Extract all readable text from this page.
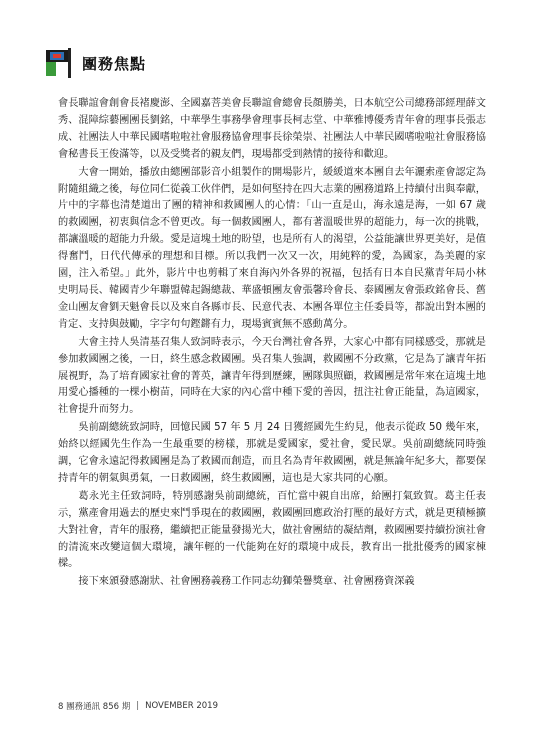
團務焦點

會長聯誼會創會長褚慶澎、全國嘉菩美會長聯誼會總會長顏勝美，日本航空公司總務部經理薛文秀、混障綜藝團團長劉銘，中華學生事務學會理事長柯志堂、中華雅博優秀青年會的理事長張志成、社團法人中華民國嗜啦啦社會服務協會理事長徐榮崇、社團法人中華民國嗜啦啦社會服務協會秘書長王俊滿等，以及受獎者的親友們，現場都受到熱情的接待和歡迎。

大會一開始，播放由總團部影音小組製作的開場影片，緩緩道來本團自去年灑索產會認定為附隨組織之後，每位同仁從義工伙伴們，是如何堅持在四大志業的團務道路上持續付出與奉獻，片中的字幕也清楚道出了團的精神和救國團人的心情：「山一直是山，海永遠是海，一如 67 歲的救國團，初衷與信念不曾更改。每一個救國團人，都有著溫暖世界的超能力，每一次的挑戰，都讓溫暖的超能力升級。愛是這塊土地的盼望，也是所有人的渴望，公益能讓世界更美好，是值得奮鬥，日代代傳承的理想和目標。所以我們一次又一次，用純粹的愛，為國家，為美麗的家園，注入希望。」此外，影片中也剪輯了來自海內外各界的祝福，包括有日本自民黨青年局小林史明局長、韓國青少年聯盟韓起錫總裁、華盛頓團友會張馨玲會長、泰國團友會張政銘會長、舊金山團友會劉天魁會長以及來自各縣市長、民意代表、本團各單位主任委員等，都說出對本團的肯定、支持與鼓勵，字字句句鏗鏘有力，現場賓賓無不感動萬分。

大會主持人吳清基召集人致詞時表示，今天台灣社會各界，大家心中都有同樣感受，那就是參加救國團之後，一日，終生感念救國團。吳召集人強調，救國團不分政黨，它是為了讓青年拓展視野，為了培育國家社會的菁英，讓青年得到歷練，團隊與照顧，救國團是常年來在這塊土地用愛心播種的一棵小樹苗，同時在大家的內心當中種下愛的善因，扭注社會正能量，為這國家，社會提升而努力。

吳前副總統致詞時，回憶民國 57 年 5 月 24 日獲經國先生約見，他表示從政 50 幾年來，始終以經國先生作為一生最重要的榜樣，那就是愛國家，愛社會，愛民眾。吳前副總統同時強調，它會永遠記得救國團是為了救國而創造，而且名為青年救國團，就是無論年紀多大，都要保持青年的朝氣與勇氣，一日救國團，終生救國團，這也是大家共同的心願。

葛永光主任致詞時，特別感謝吳前副總統，百忙當中親自出席，給團打氣致賀。葛主任表示，黨產會用過去的歷史來鬥爭現在的救國團，救國團回應政治打壓的最好方式，就是更積極擴大對社會，青年的服務，繼續把正能量發揚光大，做社會團結的凝結劑，救國團要持續扮演社會的清流來改變這個大環境，讓年輕的一代能夠在好的環境中成長，教育出一批批優秀的國家棟樑。

接下來頒發感謝狀、社會團務義務工作同志幼獅榮譽獎章、社會團務資深義

8 團務通訊 856 期 | NOVEMBER 2019
